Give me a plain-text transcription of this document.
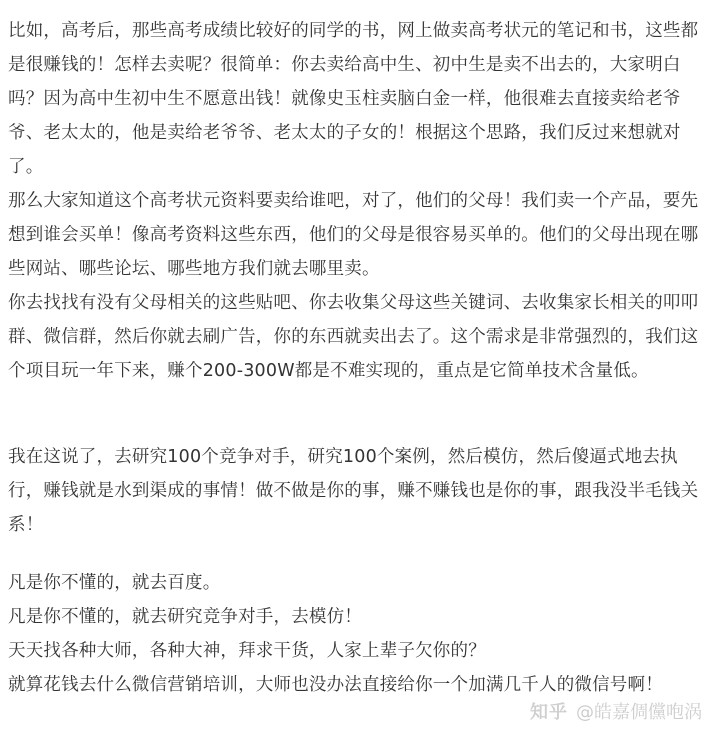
比如，高考后，那些高考成绩比较好的同学的书，网上做卖高考状元的笔记和书，这些都是很赚钱的！怎样去卖呢？很简单：你去卖给高中生、初中生是卖不出去的，大家明白吗？因为高中生初中生不愿意出钱！就像史玉柱卖脑白金一样，他很难去直接卖给老爷爷、老太太的，他是卖给老爷爷、老太太的子女的！根据这个思路，我们反过来想就对了。

那么大家知道这个高考状元资料要卖给谁吧，对了，他们的父母！我们卖一个产品，要先想到谁会买单！像高考资料这些东西，他们的父母是很容易买单的。他们的父母出现在哪些网站、哪些论坛、哪些地方我们就去哪里卖。

你去找找有没有父母相关的这些贴吧、你去收集父母这些关键词、去收集家长相关的叩叩群、微信群，然后你就去刷广告，你的东西就卖出去了。这个需求是非常强烈的，我们这个项目玩一年下来，赚个200-300W都是不难实现的，重点是它简单技术含量低。

我在这说了，去研究100个竞争对手，研究100个案例，然后模仿，然后傻逼式地去执行，赚钱就是水到渠成的事情！做不做是你的事，赚不赚钱也是你的事，跟我没半毛钱关系！

凡是你不懂的，就去百度。

凡是你不懂的，就去研究竞争对手，去模仿！

天天找各种大师，各种大神，拜求干货，人家上辈子欠你的？

就算花钱去什么微信营销培训，大师也没办法直接给你一个加满几千人的微信号啊！

知乎 @皓嘉倜儻咆涡
